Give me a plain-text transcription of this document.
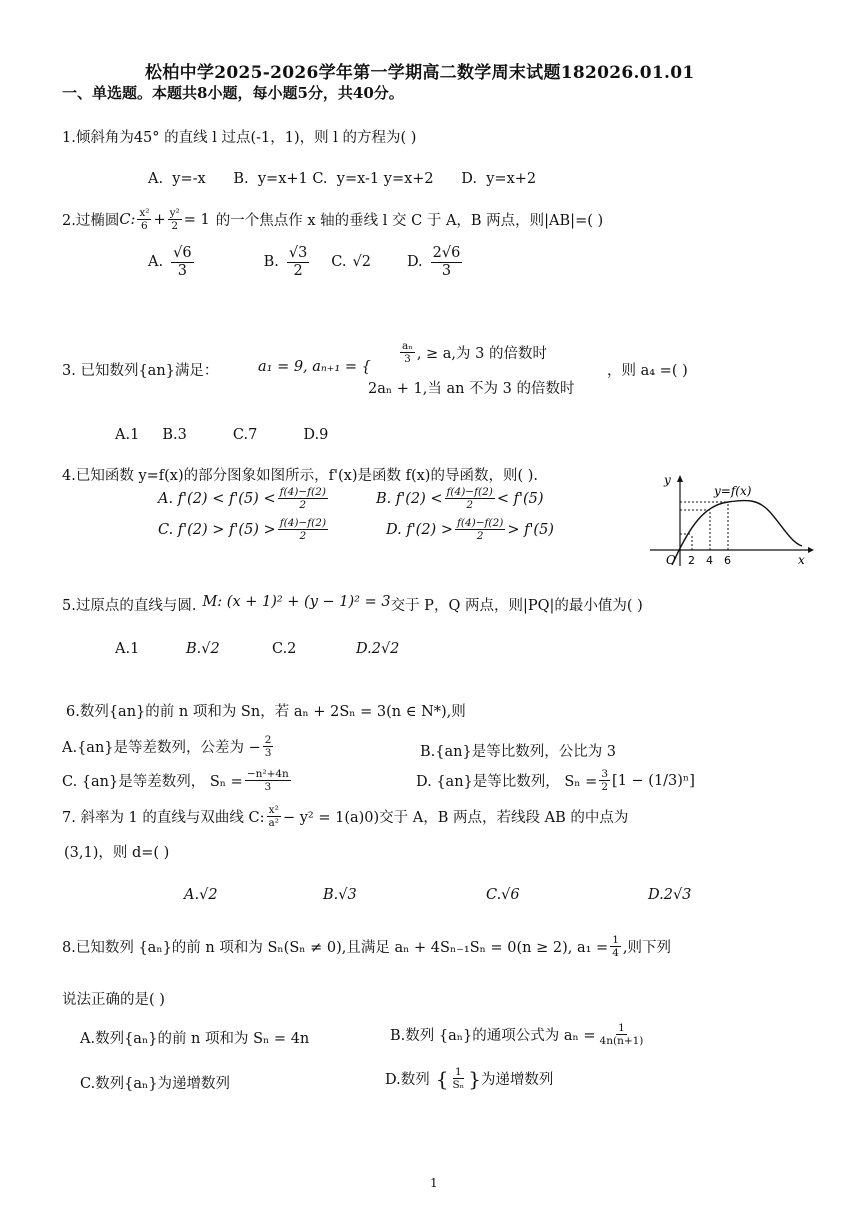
松柏中学2025-2026学年第一学期高二数学周末试题182026.01.01
一、单选题。本题共8小题，每小题5分，共40分。
1.倾斜角为45° 的直线 l 过点(-1，1)，则 l 的方程为( )
A.  y=-x      B.  y=x+1 C.  y=x-1 y=x+2      D.  y=x+2
2.过椭圆 C: $\frac{\text{x²}}{6} + \frac{\text{y²}}{2} = 1$ 的一个焦点作 x 轴的垂线 l 交 C 于 A，B 两点，则|AB|=( )
A. $\frac{√6}{3}$	B. $\frac{√3}{2} C$. √2 D. $\frac{2√6}{3}$
3. 已知数列{an}满足：	a₁ = 9, aₙ₊₁ = {
$\frac{\text{aₙ}}{3}$ , ≥ a,为 3 的倍数时
2aₙ + 1,当 an 不为 3 的倍数时
，则 a₄ =( )
A.1     B.3          C.7          D.9
4.已知函数 y=f(x)的部分图象如图所示，f'(x)是函数 f(x)的导函数，则( ).
A. $f'(2) < f'(5) < \frac{f(4)-f(2)}{2}$	B. $f'(2) < \frac{f(4)-f(2)}{2} < f'(5)$
C. $f'(2) > f'(5) > \frac{f(4)-f(2)}{2}$	D. $f'(2) > \frac{f(4)-f(2)}{2} > f'(5)$
y=f(x)
y
x
O 2 4 6
5.过原点的直线与圆. M: (x + 1)² + (y − 1)² = 3 交于 P，Q 两点，则|PQ|的最小值为( )
A.1	B.√2	C.2	D.2√2
6.数列{an}的前 n 项和为 Sn，若 aₙ + 2Sₙ = 3(n ∈ N*),则
A.{an}是等差数列，公差为 − $\frac{2}{3}$	B.{an}是等比数列，公比为 3
C. {an}是等差数列， $S_n = \frac{\text{−n²+4n}}{3}$	D. {an}是等比数列， $S_n = \frac{3}{2} [1 - (1/3)^n]$
7. 斜率为 1 的直线与双曲线 C: $\frac{\text{x²}}{\text{a²}} - y^2 = 1(a)0$)交于 A，B 两点，若线段 AB 的中点为
(3,1)，则 d=( )
A.√2	B.√3	C.√6	D.2√3
8.已知数列 {aₙ}的前 n 项和为 Sₙ(Sₙ ≠ 0),且满足 aₙ + 4Sₙ₋₁Sₙ = 0(n ≥ 2), $a_1 = \frac{1}{4}$ ,则下列
说法正确的是( )
A.数列{aₙ}的前 n 项和为 Sₙ = 4n	B.数列 {aₙ}的通项公式为 $a_n = \frac{1}{4n(n+1)}$
C.数列{aₙ}为递增数列	D.数列 { $\frac{1}{\text{Sₙ}}$ } 为递增数列
1
